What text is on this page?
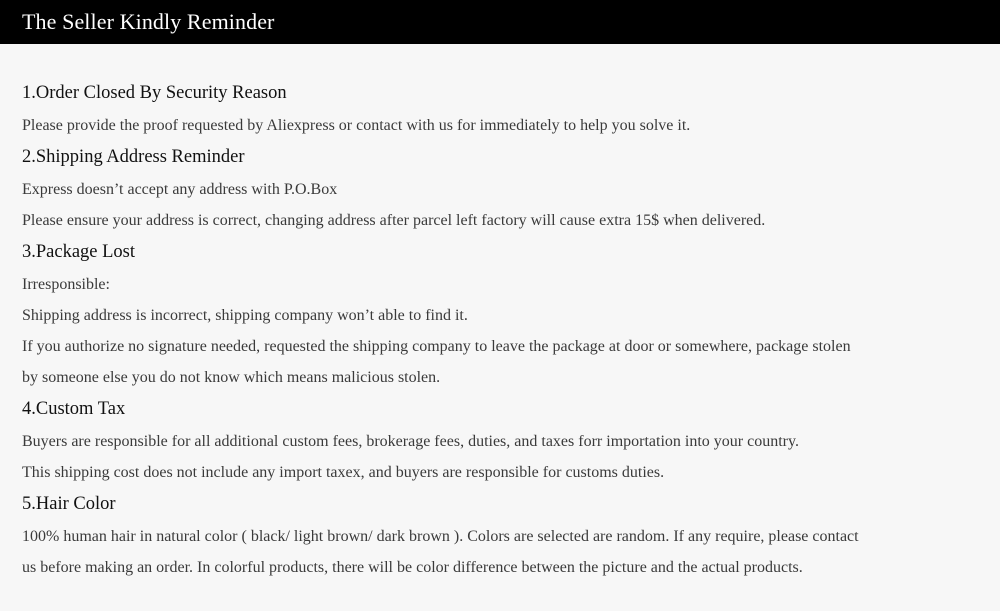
The Seller Kindly Reminder
1.Order Closed By Security Reason
Please provide the proof requested by Aliexpress or contact with us for immediately to help you solve it.
2.Shipping Address Reminder
Express doesn’t accept any address with P.O.Box
Please ensure your address is correct, changing address after parcel left factory will cause extra 15$ when delivered.
3.Package Lost
Irresponsible:
Shipping address is incorrect, shipping company won’t able to find it.
If you authorize no signature needed, requested the shipping company to leave the package at door or somewhere, package stolen
by someone else you do not know which means malicious stolen.
4.Custom Tax
Buyers are responsible for all additional custom fees, brokerage fees, duties, and taxes forr importation into your country.
This shipping cost does not include any import taxex, and buyers are responsible for customs duties.
5.Hair Color
100% human hair in natural color ( black/ light brown/ dark brown ). Colors are selected are random. If any require, please contact
us before making an order. In colorful products, there will be color difference between the picture and the actual products.
